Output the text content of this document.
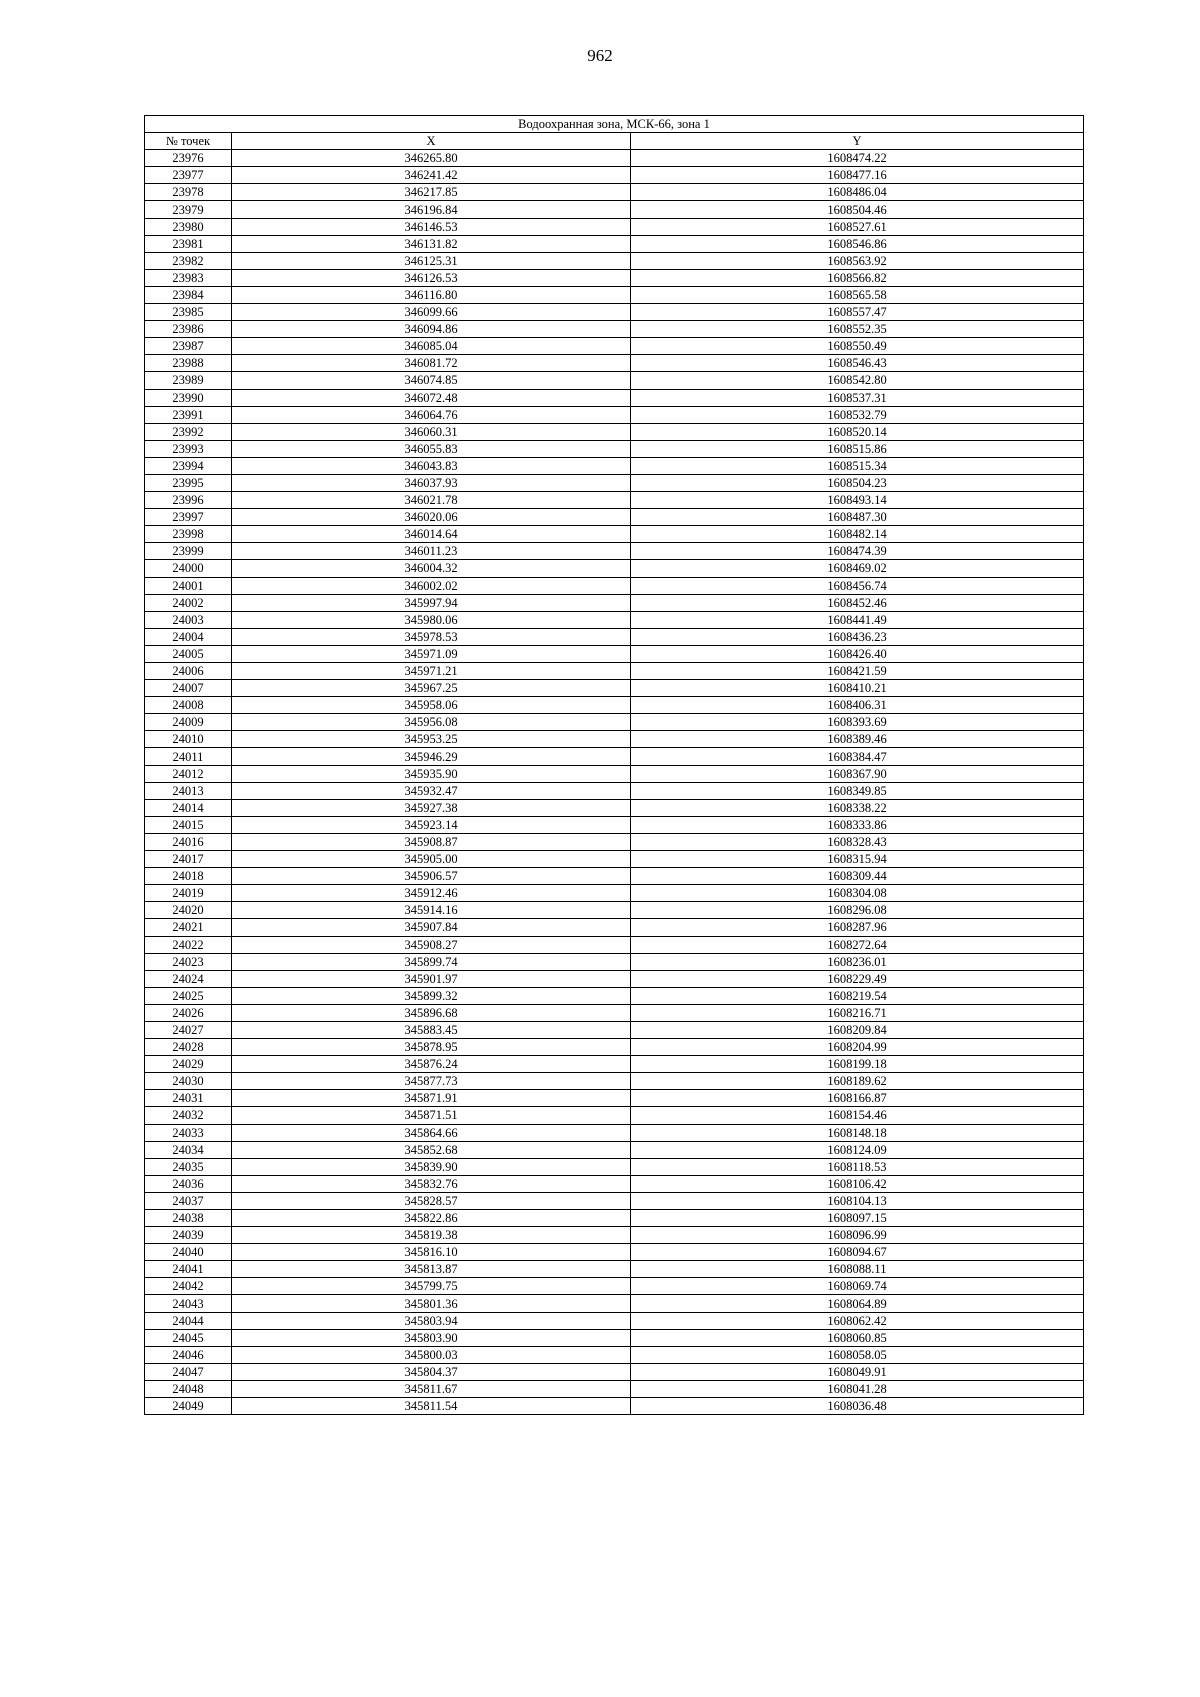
962
Водоохранная зона, МСК-66, зона 1		
№ точек	X	Y
23976	346265.80	1608474.22
23977	346241.42	1608477.16
23978	346217.85	1608486.04
23979	346196.84	1608504.46
23980	346146.53	1608527.61
23981	346131.82	1608546.86
23982	346125.31	1608563.92
23983	346126.53	1608566.82
23984	346116.80	1608565.58
23985	346099.66	1608557.47
23986	346094.86	1608552.35
23987	346085.04	1608550.49
23988	346081.72	1608546.43
23989	346074.85	1608542.80
23990	346072.48	1608537.31
23991	346064.76	1608532.79
23992	346060.31	1608520.14
23993	346055.83	1608515.86
23994	346043.83	1608515.34
23995	346037.93	1608504.23
23996	346021.78	1608493.14
23997	346020.06	1608487.30
23998	346014.64	1608482.14
23999	346011.23	1608474.39
24000	346004.32	1608469.02
24001	346002.02	1608456.74
24002	345997.94	1608452.46
24003	345980.06	1608441.49
24004	345978.53	1608436.23
24005	345971.09	1608426.40
24006	345971.21	1608421.59
24007	345967.25	1608410.21
24008	345958.06	1608406.31
24009	345956.08	1608393.69
24010	345953.25	1608389.46
24011	345946.29	1608384.47
24012	345935.90	1608367.90
24013	345932.47	1608349.85
24014	345927.38	1608338.22
24015	345923.14	1608333.86
24016	345908.87	1608328.43
24017	345905.00	1608315.94
24018	345906.57	1608309.44
24019	345912.46	1608304.08
24020	345914.16	1608296.08
24021	345907.84	1608287.96
24022	345908.27	1608272.64
24023	345899.74	1608236.01
24024	345901.97	1608229.49
24025	345899.32	1608219.54
24026	345896.68	1608216.71
24027	345883.45	1608209.84
24028	345878.95	1608204.99
24029	345876.24	1608199.18
24030	345877.73	1608189.62
24031	345871.91	1608166.87
24032	345871.51	1608154.46
24033	345864.66	1608148.18
24034	345852.68	1608124.09
24035	345839.90	1608118.53
24036	345832.76	1608106.42
24037	345828.57	1608104.13
24038	345822.86	1608097.15
24039	345819.38	1608096.99
24040	345816.10	1608094.67
24041	345813.87	1608088.11
24042	345799.75	1608069.74
24043	345801.36	1608064.89
24044	345803.94	1608062.42
24045	345803.90	1608060.85
24046	345800.03	1608058.05
24047	345804.37	1608049.91
24048	345811.67	1608041.28
24049	345811.54	1608036.48
